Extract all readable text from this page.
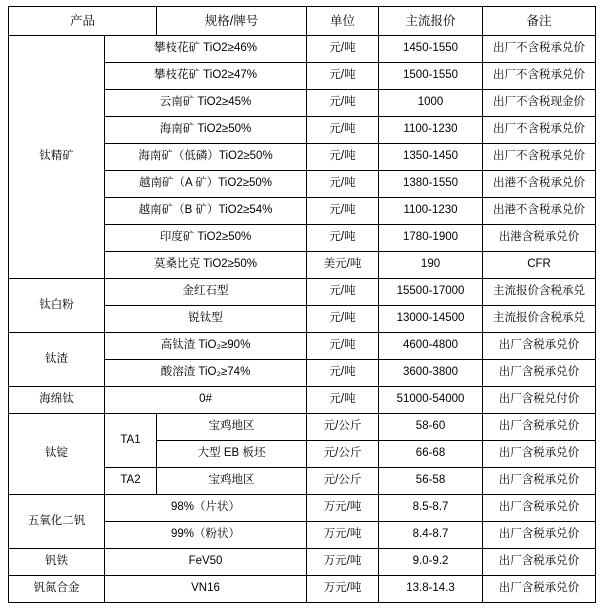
产品		规格/牌号	单位	主流报价	备注
钛精矿	攀枝花矿 TiO2≥46%		元/吨	1450-1550	出厂不含税承兑价
	攀枝花矿 TiO2≥47%		元/吨	1500-1550	出厂不含税承兑价
	云南矿 TiO2≥45%		元/吨	1000	出厂不含税现金价
	海南矿 TiO2≥50%		元/吨	1100-1230	出厂不含税承兑价
	海南矿（低磷）TiO2≥50%		元/吨	1350-1450	出厂不含税承兑价
	越南矿（A 矿）TiO2≥50%		元/吨	1380-1550	出港不含税承兑价
	越南矿（B 矿）TiO2≥54%		元/吨	1100-1230	出港不含税承兑价
	印度矿 TiO2≥50%		元/吨	1780-1900	出港含税承兑价
	莫桑比克 TiO2≥50%		美元/吨	190	CFR
钛白粉	金红石型		元/吨	15500-17000	主流报价含税承兑
	锐钛型		元/吨	13000-14500	主流报价含税承兑
钛渣	高钛渣 TiO₂≥90%		元/吨	4600-4800	出厂含税承兑价
	酸溶渣 TiO₂≥74%		元/吨	3600-3800	出厂含税承兑价
海绵钛	0#		元/吨	51000-54000	出厂含税兑付价
钛锭	TA1	宝鸡地区	元/公斤	58-60	出厂含税承兑价
		大型 EB 板坯	元/公斤	66-68	出厂含税承兑价
	TA2	宝鸡地区	元/公斤	56-58	出厂含税承兑价
五氧化二钒	98%（片状）		万元/吨	8.5-8.7	出厂含税承兑价
	99%（粉状）		万元/吨	8.4-8.7	出厂含税承兑价
钒铁	FeV50		万元/吨	9.0-9.2	出厂含税承兑价
钒氮合金	VN16		万元/吨	13.8-14.3	出厂含税承兑价
